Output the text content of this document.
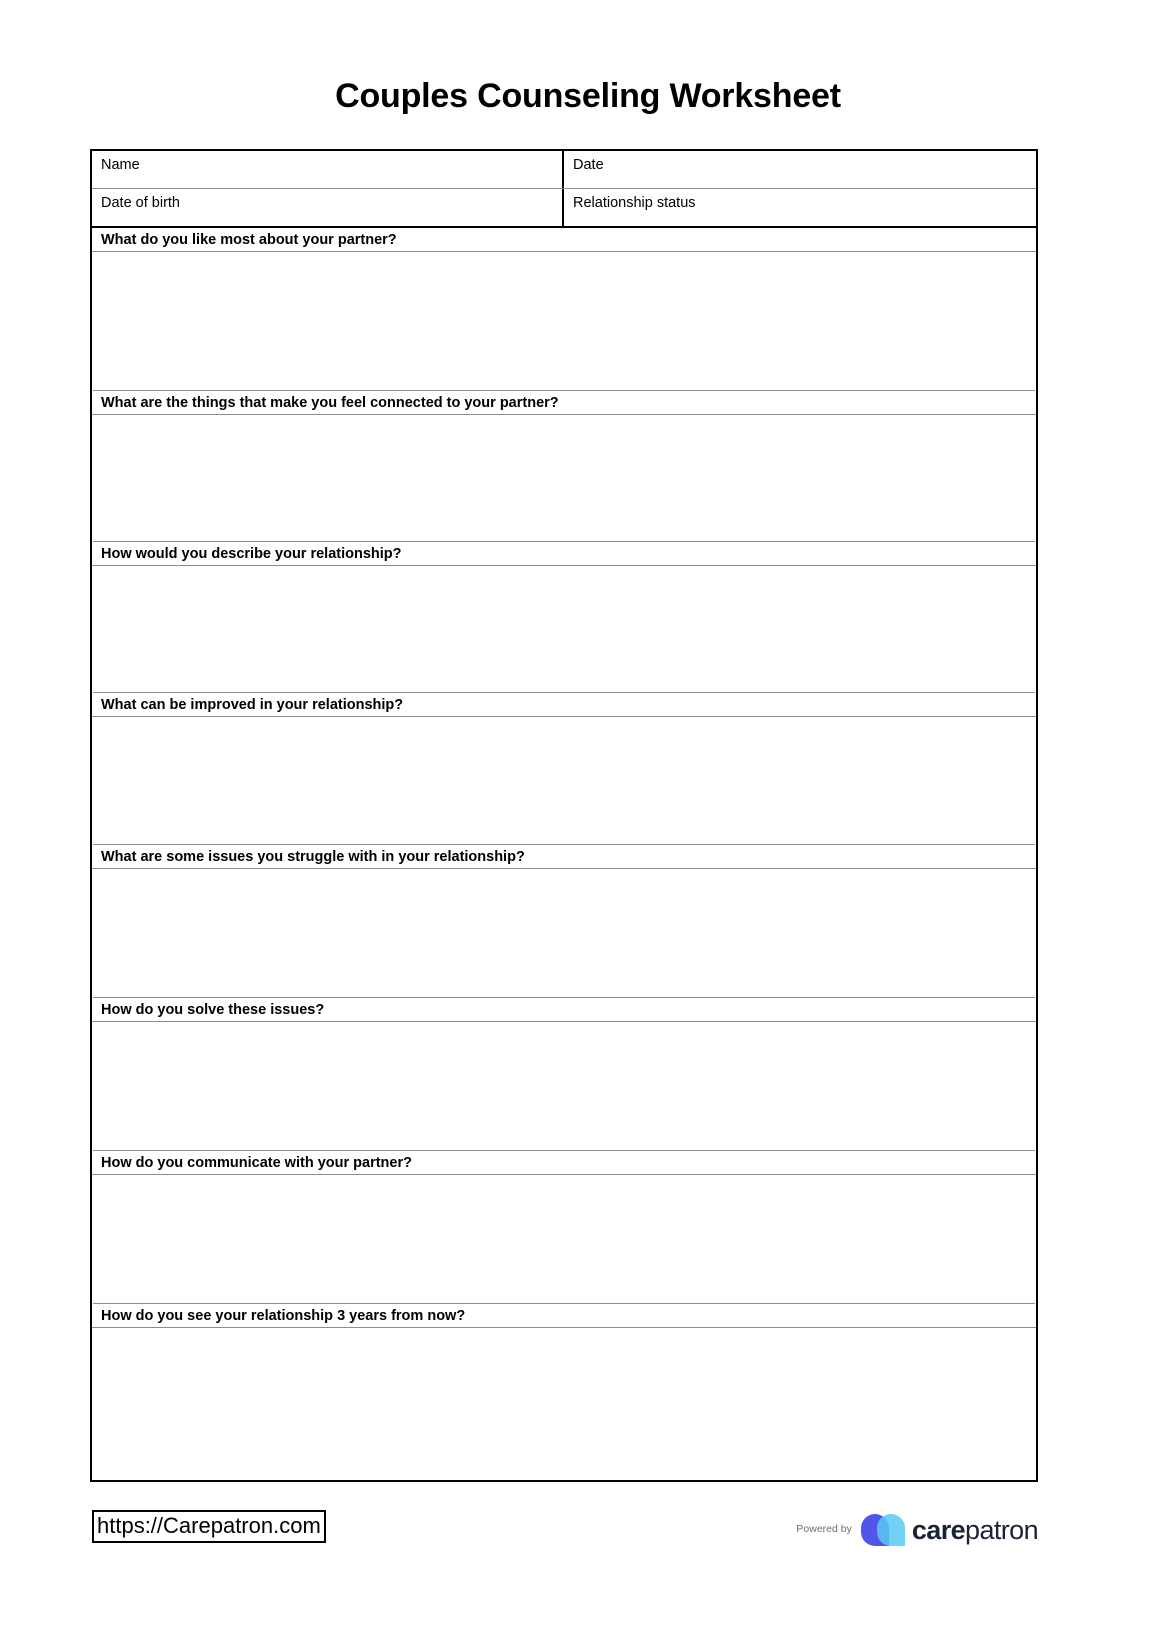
Couples Counseling Worksheet
Name	Date
Date of birth	Relationship status
What do you like most about your partner?
What are the things that make you feel connected to your partner?
How would you describe your relationship?
What can be improved in your relationship?
What are some issues you struggle with in your relationship?
How do you solve these issues?
How do you communicate with your partner?
How do you see your relationship 3 years from now?
https://Carepatron.com	Powered by carepatron
